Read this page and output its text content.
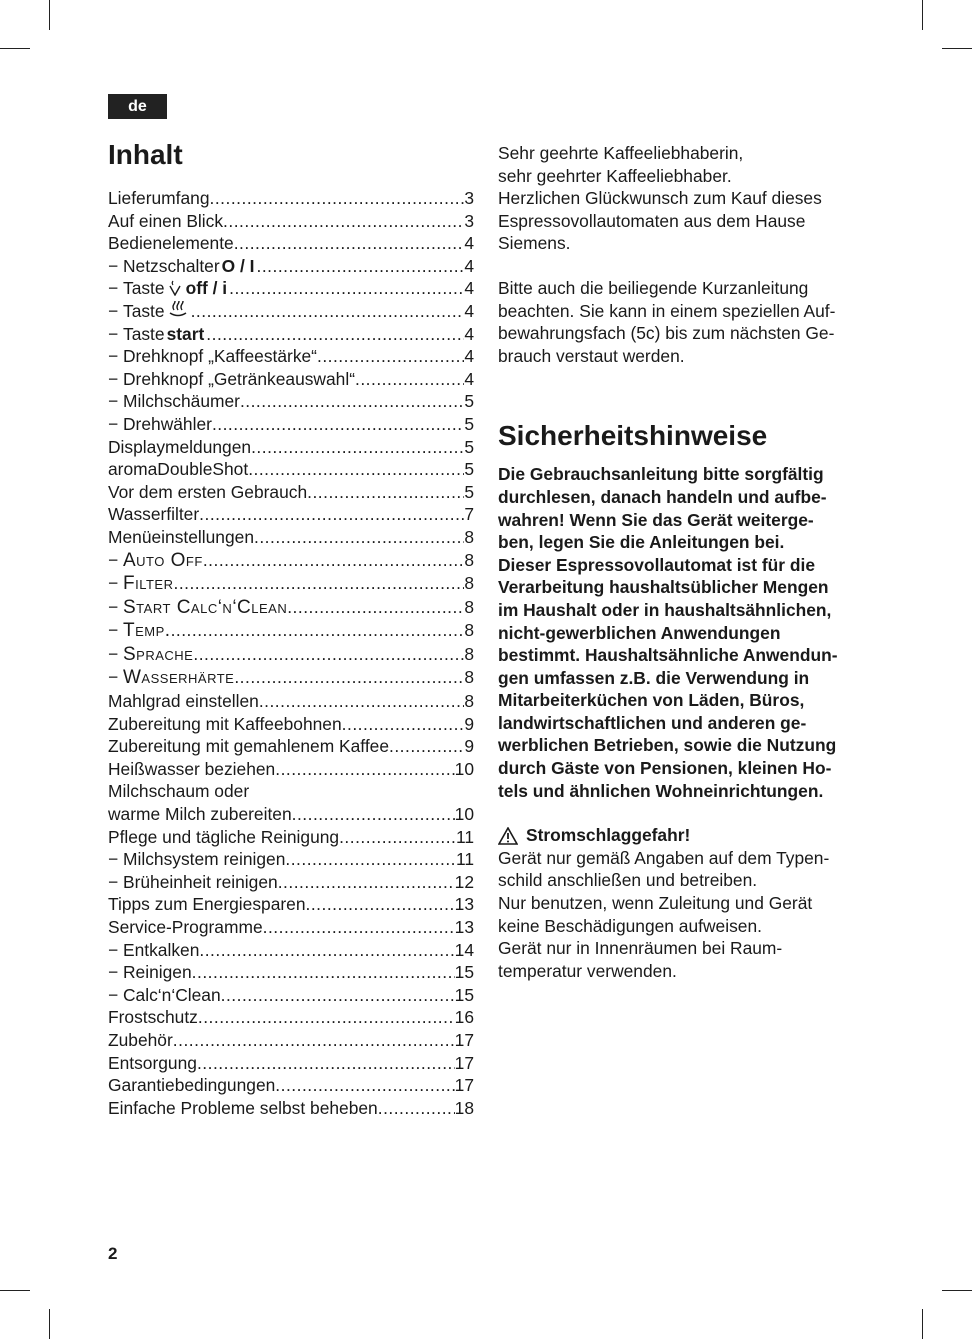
de
Inhalt
Lieferumfang .....	3
Auf einen Blick .....	3
Bedienelemente .....	4
− Netzschalter O / I .....	4
− Taste off / i .....	4
− Taste .....	4
− Taste start .....	4
− Drehknopf „Kaffeestärke“ .....	4
− Drehknopf „Getränkeauswahl“ .....	4
− Milchschäumer .....	5
− Drehwähler .....	5
Displaymeldungen .....	5
aromaDoubleShot .....	5
Vor dem ersten Gebrauch .....	5
Wasserfilter .....	7
Menüeinstellungen .....	8
− Auto Off .....	8
− Filter .....	8
− Start Calc‘n‘Clean .....	8
− Temp. .....	8
− Sprache .....	8
− Wasserhärte .....	8
Mahlgrad einstellen .....	8
Zubereitung mit Kaffeebohnen .....	9
Zubereitung mit gemahlenem Kaffee .....	9
Heißwasser beziehen .....	10
Milchschaum oder
warme Milch zubereiten .....	10
Pflege und tägliche Reinigung .....	11
− Milchsystem reinigen .....	11
− Brüheinheit reinigen .....	12
Tipps zum Energiesparen .....	13
Service-Programme .....	13
− Entkalken .....	14
− Reinigen .....	15
− Calc‘n‘Clean .....	15
Frostschutz .....	16
Zubehör .....	17
Entsorgung .....	17
Garantiebedingungen .....	17
Einfache Probleme selbst beheben .....	18
Sehr geehrte Kaffeeliebhaberin,
sehr geehrter Kaffeeliebhaber.
Herzlichen Glückwunsch zum Kauf dieses
Espressovollautomaten aus dem Hause
Siemens.
Bitte auch die beiliegende Kurzanleitung
beachten. Sie kann in einem speziellen Auf-
bewahrungsfach (5c) bis zum nächsten Ge-
brauch verstaut werden.
Sicherheitshinweise
Die Gebrauchsanleitung bitte sorgfältig
durchlesen, danach handeln und aufbe-
wahren! Wenn Sie das Gerät weiterge-
ben, legen Sie die Anleitungen bei.
Dieser Espressovollautomat ist für die
Verarbeitung haushaltsüblicher Mengen
im Haushalt oder in haushaltsähnlichen,
nicht-gewerblichen Anwendungen
bestimmt. Haushaltsähnliche Anwendun-
gen umfassen z.B. die Verwendung in
Mitarbeiterküchen von Läden, Büros,
landwirtschaftlichen und anderen ge-
werblichen Betrieben, sowie die Nutzung
durch Gäste von Pensionen, kleinen Ho-
tels und ähnlichen Wohneinrichtungen.
Stromschlaggefahr!
Gerät nur gemäß Angaben auf dem Typen-
schild anschließen und betreiben.
Nur benutzen, wenn Zuleitung und Gerät
keine Beschädigungen aufweisen.
Gerät nur in Innenräumen bei Raum-
temperatur verwenden.
2
